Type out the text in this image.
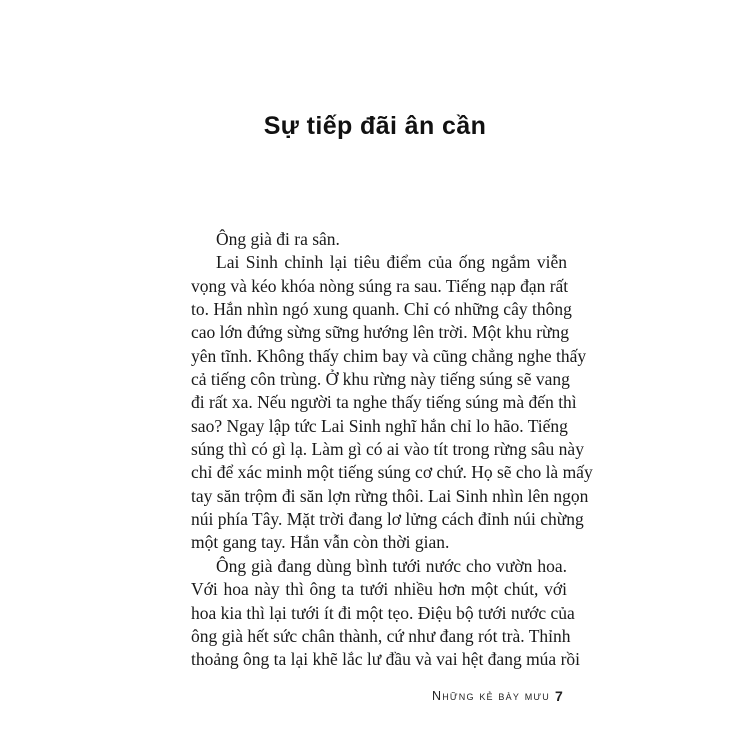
Sự tiếp đãi ân cần
Ông già đi ra sân.
Lai Sinh chỉnh lại tiêu điểm của ống ngắm viễn
vọng và kéo khóa nòng súng ra sau. Tiếng nạp đạn rất
to. Hắn nhìn ngó xung quanh. Chỉ có những cây thông
cao lớn đứng sừng sững hướng lên trời. Một khu rừng
yên tĩnh. Không thấy chim bay và cũng chẳng nghe thấy
cả tiếng côn trùng. Ở khu rừng này tiếng súng sẽ vang
đi rất xa. Nếu người ta nghe thấy tiếng súng mà đến thì
sao? Ngay lập tức Lai Sinh nghĩ hắn chỉ lo hão. Tiếng
súng thì có gì lạ. Làm gì có ai vào tít trong rừng sâu này
chỉ để xác minh một tiếng súng cơ chứ. Họ sẽ cho là mấy
tay săn trộm đi săn lợn rừng thôi. Lai Sinh nhìn lên ngọn
núi phía Tây. Mặt trời đang lơ lửng cách đỉnh núi chừng
một gang tay. Hắn vẫn còn thời gian.
Ông già đang dùng bình tưới nước cho vườn hoa.
Với hoa này thì ông ta tưới nhiều hơn một chút, với
hoa kia thì lại tưới ít đi một tẹo. Điệu bộ tưới nước của
ông già hết sức chân thành, cứ như đang rót trà. Thỉnh
thoảng ông ta lại khẽ lắc lư đầu và vai hệt đang múa rồi
Những kẻ bày mưu 7
